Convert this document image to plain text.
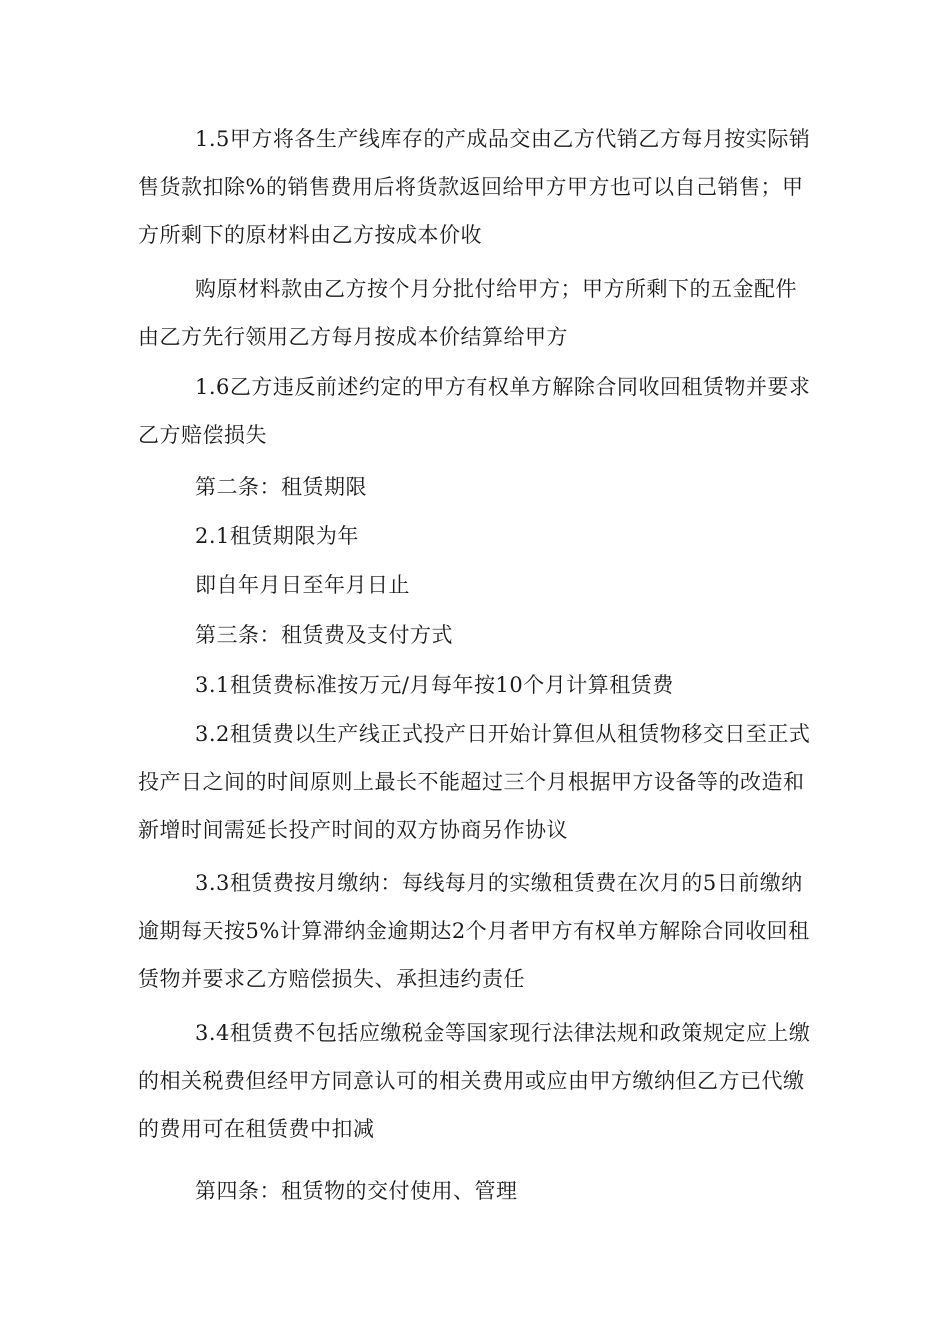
1.5甲方将各生产线库存的产成品交由乙方代销乙方每月按实际销售货款扣除%的销售费用后将货款返回给甲方甲方也可以自己销售；甲方所剩下的原材料由乙方按成本价收

购原材料款由乙方按个月分批付给甲方；甲方所剩下的五金配件由乙方先行领用乙方每月按成本价结算给甲方

1.6乙方违反前述约定的甲方有权单方解除合同收回租赁物并要求乙方赔偿损失

第二条：租赁期限

2.1租赁期限为年

即自年月日至年月日止

第三条：租赁费及支付方式

3.1租赁费标准按万元/月每年按10个月计算租赁费

3.2租赁费以生产线正式投产日开始计算但从租赁物移交日至正式投产日之间的时间原则上最长不能超过三个月根据甲方设备等的改造和新增时间需延长投产时间的双方协商另作协议

3.3租赁费按月缴纳：每线每月的实缴租赁费在次月的5日前缴纳逾期每天按5%计算滞纳金逾期达2个月者甲方有权单方解除合同收回租赁物并要求乙方赔偿损失、承担违约责任

3.4租赁费不包括应缴税金等国家现行法律法规和政策规定应上缴的相关税费但经甲方同意认可的相关费用或应由甲方缴纳但乙方已代缴的费用可在租赁费中扣减

第四条：租赁物的交付使用、管理
